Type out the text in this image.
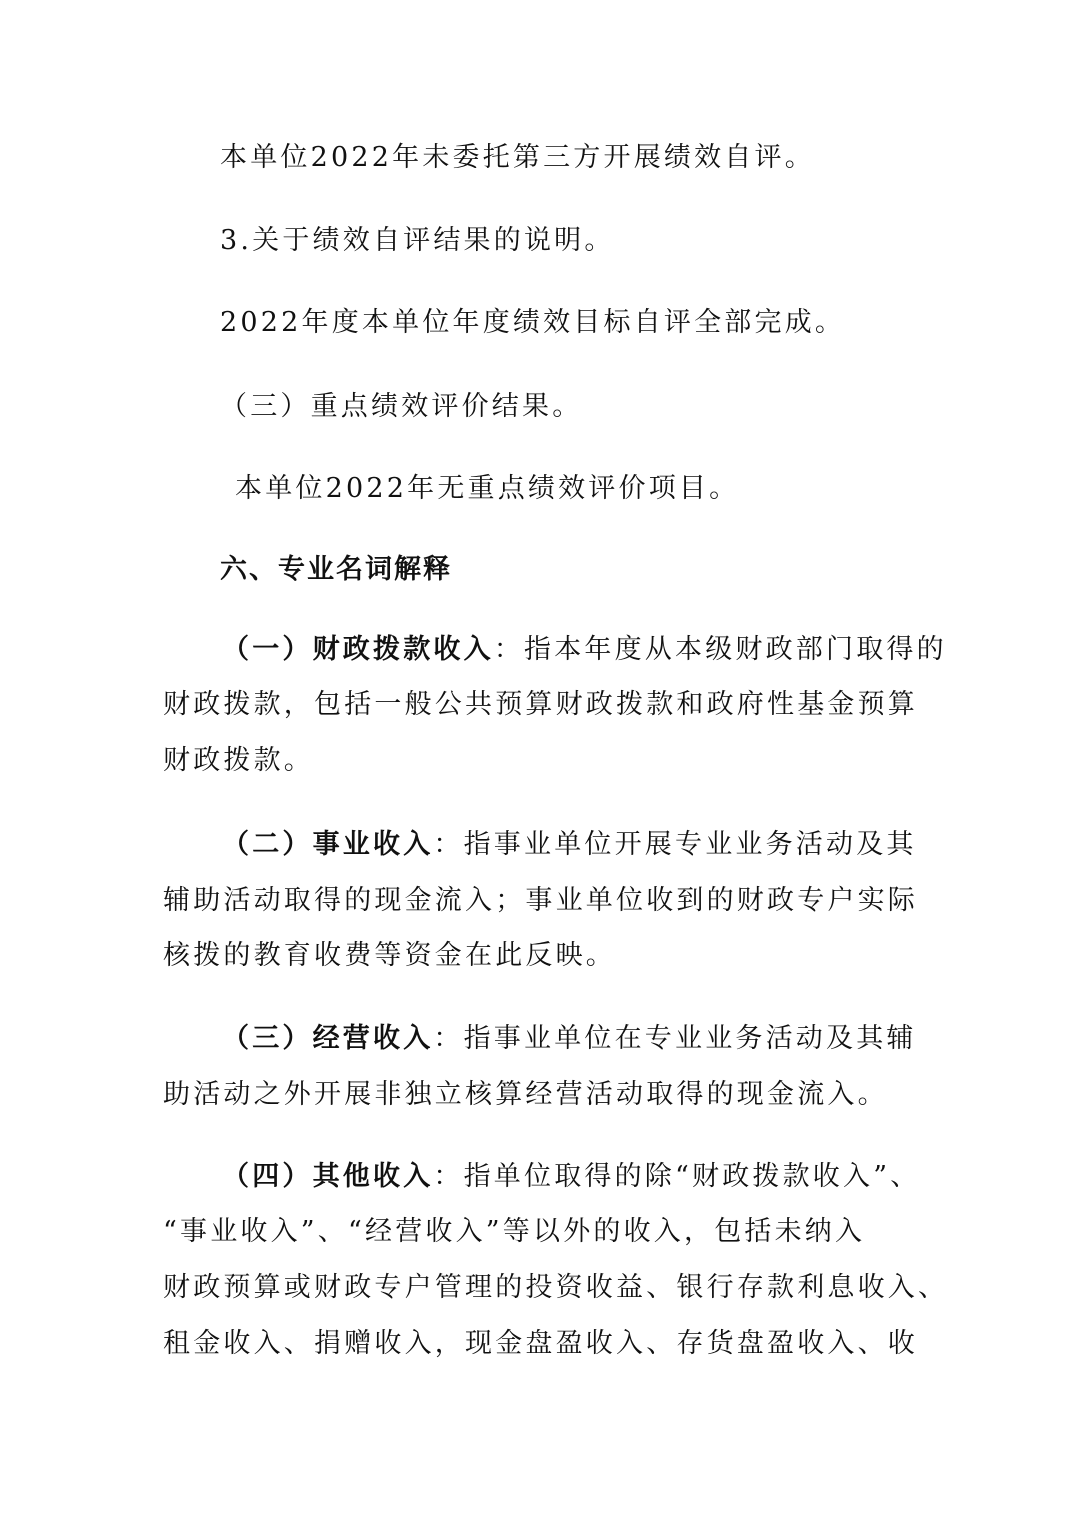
本单位2022年未委托第三方开展绩效自评。
3.关于绩效自评结果的说明。
2022年度本单位年度绩效目标自评全部完成。
（三）重点绩效评价结果。
本单位2022年无重点绩效评价项目。
六、专业名词解释
（一）财政拨款收入：指本年度从本级财政部门取得的
财政拨款，包括一般公共预算财政拨款和政府性基金预算
财政拨款。
（二）事业收入：指事业单位开展专业业务活动及其
辅助活动取得的现金流入；事业单位收到的财政专户实际
核拨的教育收费等资金在此反映。
（三）经营收入：指事业单位在专业业务活动及其辅
助活动之外开展非独立核算经营活动取得的现金流入。
（四）其他收入：指单位取得的除“财政拨款收入”、
“事业收入”、“经营收入”等以外的收入，包括未纳入
财政预算或财政专户管理的投资收益、银行存款利息收入、
租金收入、捐赠收入，现金盘盈收入、存货盘盈收入、收
